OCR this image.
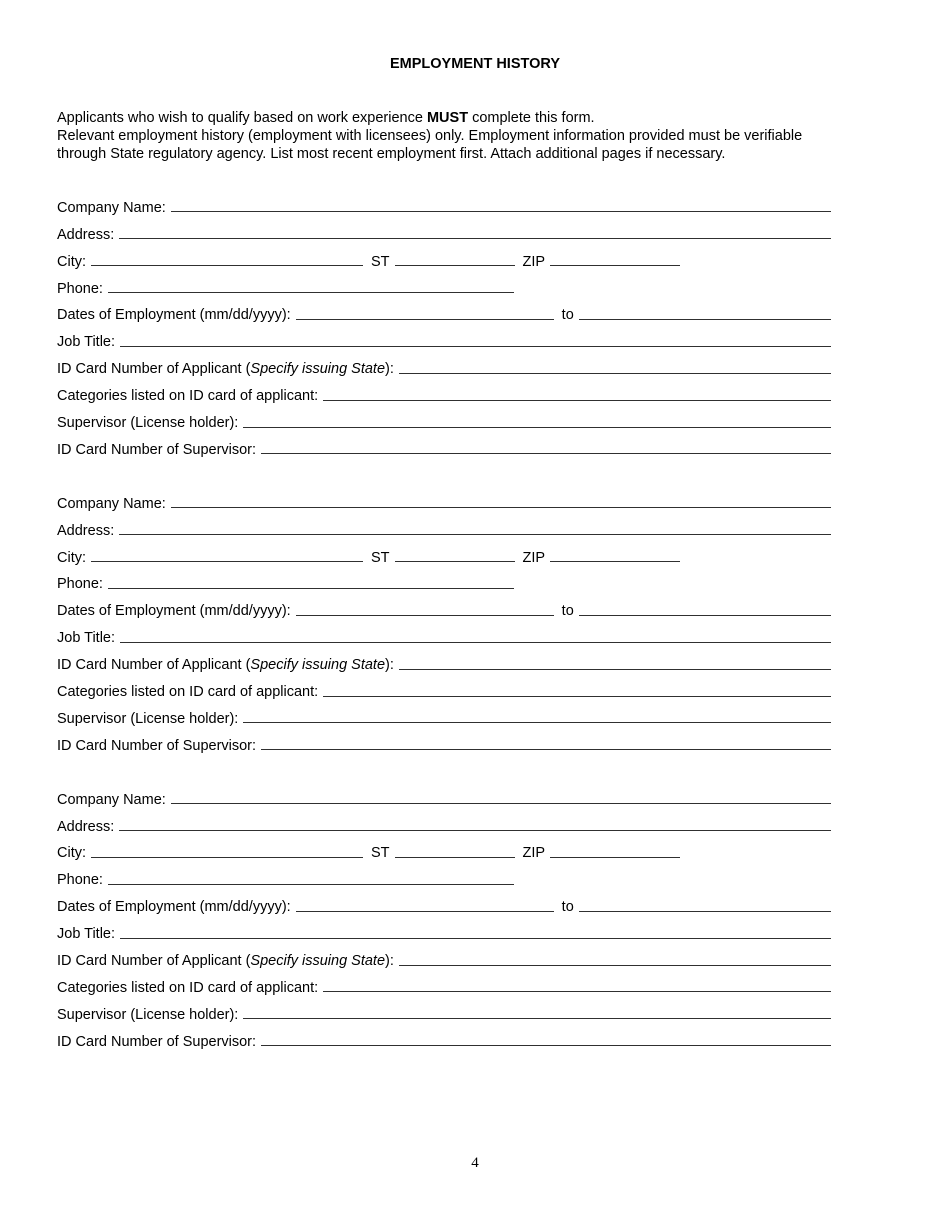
EMPLOYMENT HISTORY

Applicants who wish to qualify based on work experience MUST complete this form.
Relevant employment history (employment with licensees) only. Employment information provided must be verifiable
through State regulatory agency. List most recent employment first. Attach additional pages if necessary.

Company Name:
Address:
City:	ST	ZIP
Phone:
Dates of Employment (mm/dd/yyyy):	to
Job Title:
ID Card Number of Applicant (Specify issuing State):
Categories listed on ID card of applicant:
Supervisor (License holder):
ID Card Number of Supervisor:
Company Name:
Address:
City:	ST	ZIP
Phone:
Dates of Employment (mm/dd/yyyy):	to
Job Title:
ID Card Number of Applicant (Specify issuing State):
Categories listed on ID card of applicant:
Supervisor (License holder):
ID Card Number of Supervisor:
Company Name:
Address:
City:	ST	ZIP
Phone:
Dates of Employment (mm/dd/yyyy):	to
Job Title:
ID Card Number of Applicant (Specify issuing State):
Categories listed on ID card of applicant:
Supervisor (License holder):
ID Card Number of Supervisor:
4
